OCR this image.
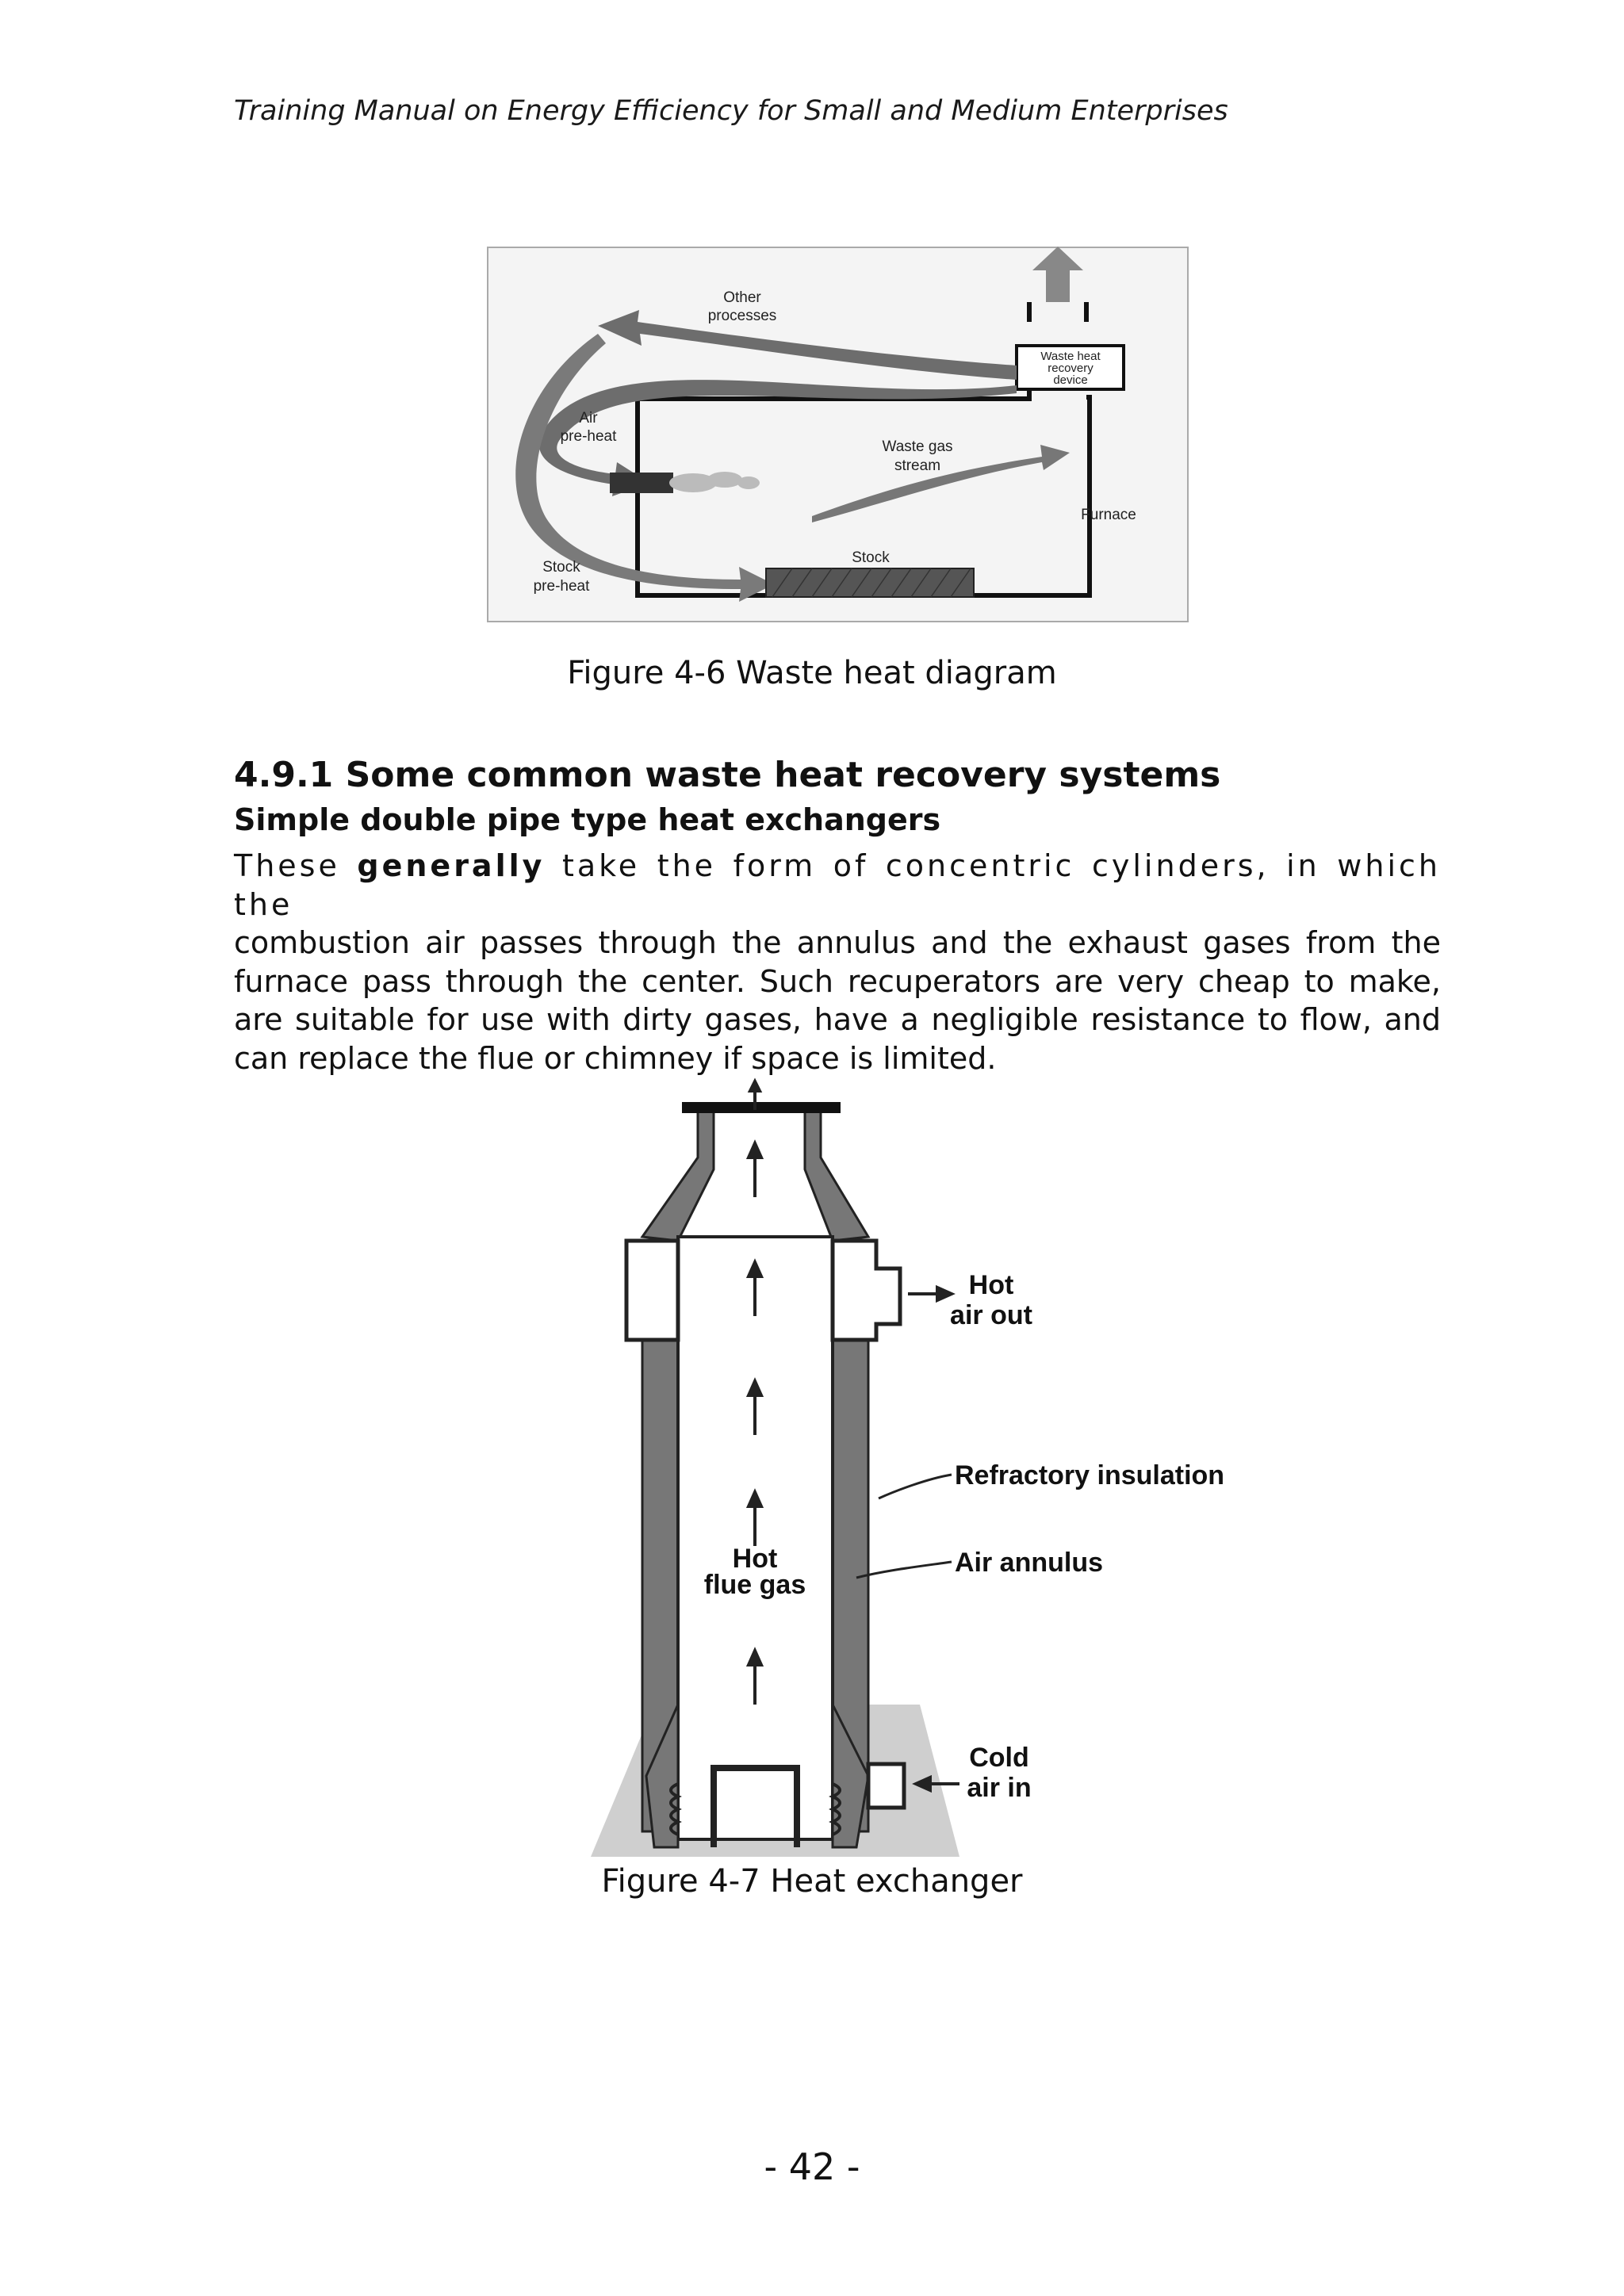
Training Manual on Energy Efficiency for Small and Medium Enterprises
Other
processes
Waste heat
recovery
device
Air
pre-heat
Waste gas
stream
Furnace
Stock
Stock
pre-heat
Figure 4-6 Waste heat diagram
4.9.1 Some common waste heat recovery systems
Simple double pipe type heat exchangers

These generally take the form of concentric cylinders, in which the
combustion air passes through the annulus and the exhaust gases from the
furnace pass through the center. Such recuperators are very cheap to make,
are suitable for use with dirty gases, have a negligible resistance to flow, and
can replace the flue or chimney if space is limited.

Hot
air out
Refractory insulation
Hot
flue gas
Air annulus
Cold
air in
Figure 4-7 Heat exchanger
- 42 -
